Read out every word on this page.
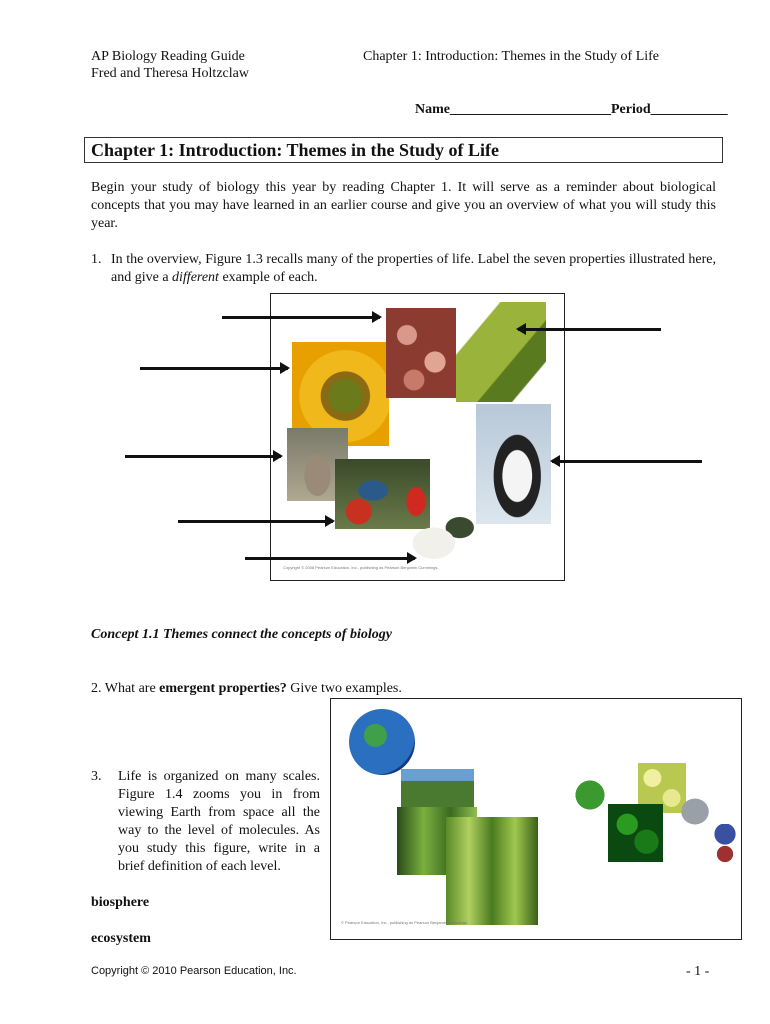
AP Biology Reading Guide
Fred and Theresa Holtzclaw
Chapter 1: Introduction: Themes in the Study of Life
Name_______________________Period___________
Chapter 1: Introduction: Themes in the Study of Life
Begin your study of biology this year by reading Chapter 1. It will serve as a reminder about biological concepts that you may have learned in an earlier course and give you an overview of what you will study this year.
1. In the overview, Figure 1.3 recalls many of the properties of life. Label the seven properties illustrated here, and give a different example of each.
Copyright © 2008 Pearson Education, Inc., publishing as Pearson Benjamin Cummings.
Concept 1.1 Themes connect the concepts of biology
2. What are emergent properties? Give two examples.
© Pearson Education, Inc., publishing as Pearson Benjamin Cummings.
3. Life is organized on many scales. Figure 1.4 zooms you in from viewing Earth from space all the way to the level of molecules. As you study this figure, write in a brief definition of each level.
biosphere
ecosystem
Copyright © 2010 Pearson Education, Inc.	- 1 -
